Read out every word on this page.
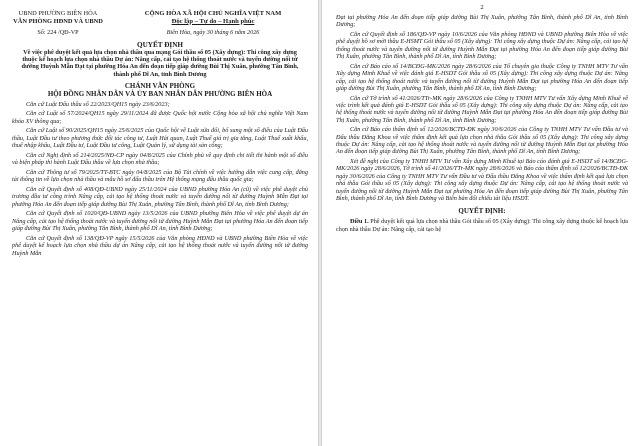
UBND PHƯỜNG BIÊN HÒA
VĂN PHÒNG HĐND VÀ UBND
CỘNG HÒA XÃ HỘI CHỦ NGHĨA VIỆT NAM
Độc lập – Tự do – Hạnh phúc
Số: 224 /QĐ-VP	Biên Hòa, ngày 30 tháng 6 năm 2026
QUYẾT ĐỊNH
Về việc phê duyệt kết quả lựa chọn nhà thầu qua mạng Gói thầu số 05 (Xây dựng): Thi công xây dựng thuộc kế hoạch lựa chọn nhà thầu Dự án: Nâng cấp, cải tạo hệ thống thoát nước và tuyến đường nối từ đường Huỳnh Mẫn Đạt tại phường Hóa An đến đoạn tiếp giáp đường Bùi Thị Xuân, phường Tân Bình, thành phố Dĩ An, tỉnh Bình Dương
CHÁNH VĂN PHÒNG
HỘI ĐỒNG NHÂN DÂN VÀ ỦY BAN NHÂN DÂN PHƯỜNG BIÊN HÒA

Căn cứ Luật Đấu thầu số 22/2023/QH15 ngày 23/6/2023;

Căn cứ Luật số 57/2024/QH15 ngày 29/11/2024 đã được Quốc hội nước Cộng hòa xã hội chủ nghĩa Việt Nam khóa XV thông qua;

Căn cứ Luật số 90/2025/QH15 ngày 25/6/2025 của Quốc hội về Luật sửa đổi, bổ sung một số điều của Luật Đấu thầu, Luật Đầu tư theo phương thức đối tác công tư, Luật Hải quan, Luật Thuế giá trị gia tăng, Luật Thuế xuất khẩu, thuế nhập khẩu, Luật Đầu tư, Luật Đầu tư công, Luật Quản lý, sử dụng tài sản công;

Căn cứ Nghị định số 214/2025/NĐ-CP ngày 04/8/2025 của Chính phủ về quy định chi tiết thi hành một số điều và biện pháp thi hành Luật Đấu thầu về lựa chọn nhà thầu;

Căn cứ Thông tư số 79/2025/TT-BTC ngày 04/8/2025 của Bộ Tài chính về việc hướng dẫn việc cung cấp, đăng tải thông tin về lựa chọn nhà thầu và mẫu hồ sơ đấu thầu trên Hệ thống mạng đấu thầu quốc gia;

Căn cứ Quyết định số 408/QĐ-UBND ngày 25/11/2024 của UBND phường Hóa An (cũ) về việc phê duyệt chủ trương đầu tư công trình Nâng cấp, cải tạo hệ thống thoát nước và tuyến đường nối từ đường Huỳnh Mẫn Đạt tại phường Hóa An đến đoạn tiếp giáp đường Bùi Thị Xuân, phường Tân Bình, thành phố Dĩ An, tỉnh Bình Dương;

Căn cứ Quyết định số 1020/QĐ-UBND ngày 13/5/2026 của UBND phường Biên Hòa về việc phê duyệt dự án Nâng cấp, cải tạo hệ thống thoát nước và tuyến đường nối từ đường Huỳnh Mẫn Đạt tại phường Hóa An đến đoạn tiếp giáp đường Bùi Thị Xuân, phường Tân Bình, thành phố Dĩ An, tỉnh Bình Dương;

Căn cứ Quyết định số 138/QĐ-VP ngày 15/5/2026 của Văn phòng HĐND và UBND phường Biên Hòa về việc phê duyệt kế hoạch lựa chọn nhà thầu dự án Nâng cấp, cải tạo hệ thống thoát nước và tuyến đường nối từ đường Huỳnh Mẫn

2

Đạt tại phường Hóa An đến đoạn tiếp giáp đường Bùi Thị Xuân, phường Tân Bình, thành phố Dĩ An, tỉnh Bình Dương;

Căn cứ Quyết định số 186/QĐ-VP ngày 10/6/2026 của Văn phòng HĐND và UBND phường Biên Hòa về việc phê duyệt hồ sơ mời thầu E-HSMT Gói thầu số 05 (Xây dựng): Thi công xây dựng thuộc Dự án: Nâng cấp, cải tạo hệ thống thoát nước và tuyến đường nối từ đường Huỳnh Mẫn Đạt tại phường Hóa An đến đoạn tiếp giáp đường Bùi Thị Xuân, phường Tân Bình, thành phố Dĩ An, tỉnh Bình Dương;

Căn cứ Báo cáo số 14/BCĐG-MK/2026 ngày 28/6/2026 của Tổ chuyên gia thuộc Công ty TNHH MTV Tư vấn Xây dựng Minh Khuê về việc đánh giá E-HSDT Gói thầu số 05 (Xây dựng): Thi công xây dựng thuộc Dự án: Nâng cấp, cải tạo hệ thống thoát nước và tuyến đường nối từ đường Huỳnh Mẫn Đạt tại phường Hóa An đến đoạn tiếp giáp đường Bùi Thị Xuân, phường Tân Bình, thành phố Dĩ An, tỉnh Bình Dương;

Căn cứ Tờ trình số 41/2026/TTr-MK ngày 28/6/2026 của Công ty TNHH MTV Tư vấn Xây dựng Minh Khuê về việc trình kết quả đánh giá E-HSDT Gói thầu số 05 (Xây dựng): Thi công xây dựng thuộc Dự án: Nâng cấp, cải tạo hệ thống thoát nước và tuyến đường nối từ đường Huỳnh Mẫn Đạt tại phường Hóa An đến đoạn tiếp giáp đường Bùi Thị Xuân, phường Tân Bình, thành phố Dĩ An, tỉnh Bình Dương;

Căn cứ Báo cáo thẩm định số 12/2026/BCTĐ-ĐK ngày 30/6/2026 của Công ty TNHH MTV Tư vấn Đầu tư và Đấu thầu Đăng Khoa về việc thẩm định kết quả lựa chọn nhà thầu Gói thầu số 05 (Xây dựng): Thi công xây dựng thuộc Dự án: Nâng cấp, cải tạo hệ thống thoát nước và tuyến đường nối từ đường Huỳnh Mẫn Đạt tại phường Hóa An đến đoạn tiếp giáp đường Bùi Thị Xuân, phường Tân Bình, thành phố Dĩ An, tỉnh Bình Dương;

Xét đề nghị của Công ty TNHH MTV Tư vấn Xây dựng Minh Khuê tại Báo cáo đánh giá E-HSDT số 14/BCĐG-MK/2026 ngày 28/6/2026, Tờ trình số 41/2026/TTr-MK ngày 28/6/2026 và Báo cáo thẩm định số 12/2026/BCTĐ-ĐK ngày 30/6/2026 của Công ty TNHH MTV Tư vấn Đầu tư và Đấu thầu Đăng Khoa về việc thẩm định kết quả lựa chọn nhà thầu Gói thầu số 05 (Xây dựng): Thi công xây dựng thuộc Dự án: Nâng cấp, cải tạo hệ thống thoát nước và tuyến đường nối từ đường Huỳnh Mẫn Đạt tại phường Hóa An đến đoạn tiếp giáp đường Bùi Thị Xuân, phường Tân Bình, thành phố Dĩ An, tỉnh Bình Dương và Biên bản đối chiếu tài liệu HSDT.

QUYẾT ĐỊNH:

Điều 1. Phê duyệt kết quả lựa chọn nhà thầu Gói thầu số 05 (Xây dựng): Thi công xây dựng thuộc kế hoạch lựa chọn nhà thầu Dự án: Nâng cấp, cải tạo hệ
